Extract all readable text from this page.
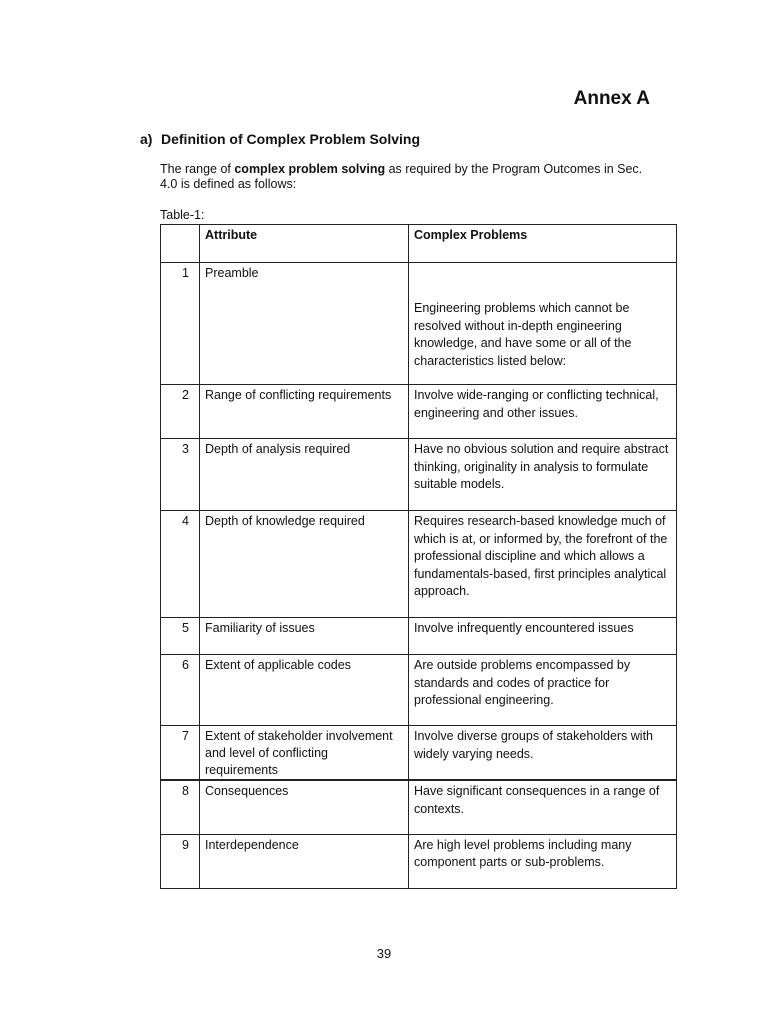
Annex A
a) Definition of Complex Problem Solving
The range of complex problem solving as required by the Program Outcomes in Sec. 4.0 is defined as follows:
Table-1:
	Attribute	Complex Problems
1	Preamble	Engineering problems which cannot be resolved without in-depth engineering knowledge, and have some or all of the characteristics listed below:
2	Range of conflicting requirements	Involve wide-ranging or conflicting technical, engineering and other issues.
3	Depth of analysis required	Have no obvious solution and require abstract thinking, originality in analysis to formulate suitable models.
4	Depth of knowledge required	Requires research-based knowledge much of which is at, or informed by, the forefront of the professional discipline and which allows a fundamentals-based, first principles analytical approach.
5	Familiarity of issues	Involve infrequently encountered issues
6	Extent of applicable codes	Are outside problems encompassed by standards and codes of practice for professional engineering.
7	Extent of stakeholder involvement and level of conflicting requirements	Involve diverse groups of stakeholders with widely varying needs.
8	Consequences	Have significant consequences in a range of contexts.
9	Interdependence	Are high level problems including many component parts or sub-problems.
39
